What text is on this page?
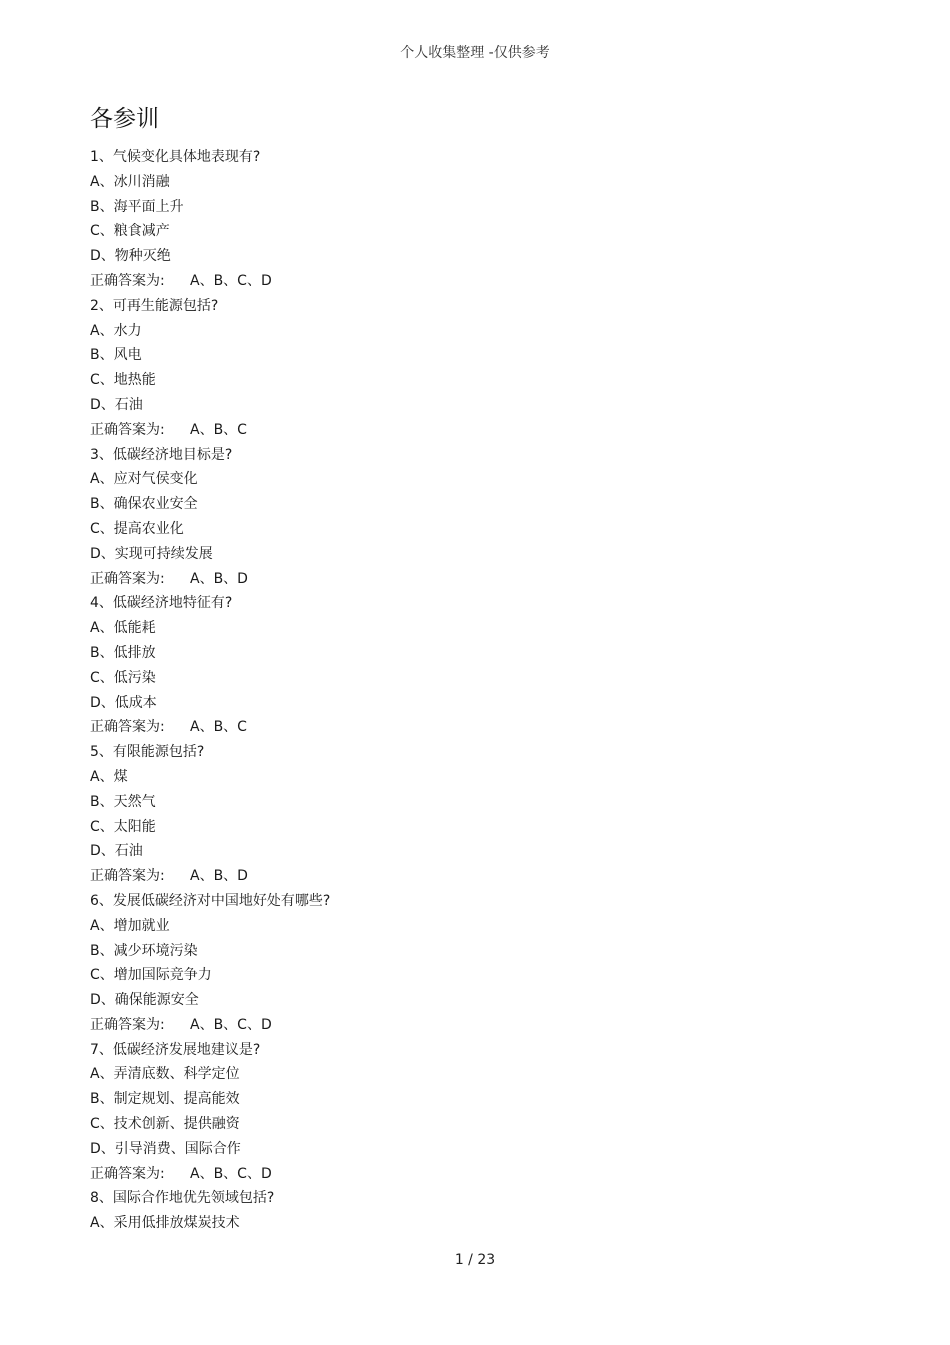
个人收集整理 -仅供参考
各参训
1、气候变化具体地表现有?
A、冰川消融
B、海平面上升
C、粮食减产
D、物种灭绝
正确答案为: A、B、C、D
2、可再生能源包括?
A、水力
B、风电
C、地热能
D、石油
正确答案为: A、B、C
3、低碳经济地目标是?
A、应对气侯变化
B、确保农业安全
C、提高农业化
D、实现可持续发展
正确答案为: A、B、D
4、低碳经济地特征有?
A、低能耗
B、低排放
C、低污染
D、低成本
正确答案为: A、B、C
5、有限能源包括?
A、煤
B、天然气
C、太阳能
D、石油
正确答案为: A、B、D
6、发展低碳经济对中国地好处有哪些?
A、增加就业
B、减少环境污染
C、增加国际竞争力
D、确保能源安全
正确答案为: A、B、C、D
7、低碳经济发展地建议是?
A、弄清底数、科学定位
B、制定规划、提高能效
C、技术创新、提供融资
D、引导消费、国际合作
正确答案为: A、B、C、D
8、国际合作地优先领域包括?
A、采用低排放煤炭技术
1 / 23
